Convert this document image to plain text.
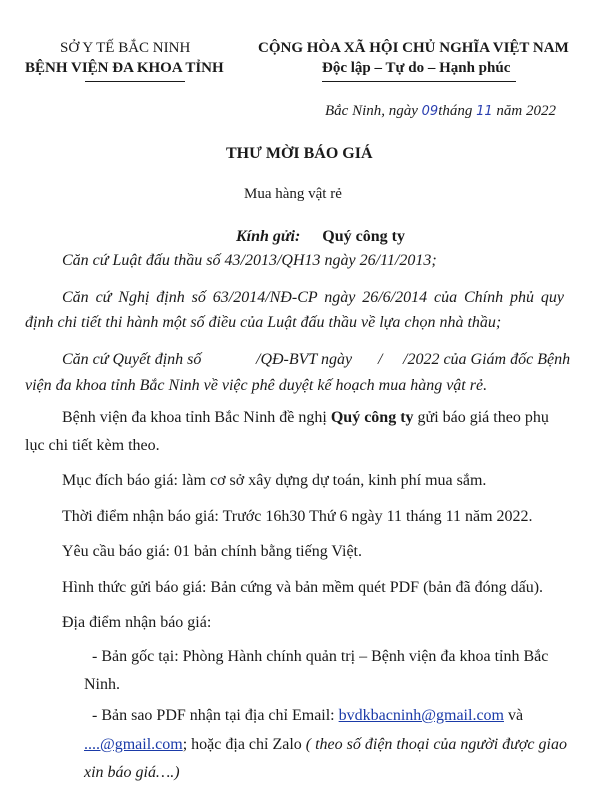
SỞ Y TẾ BẮC NINH
BỆNH VIỆN ĐA KHOA TỈNH
CỘNG HÒA XÃ HỘI CHỦ NGHĨA VIỆT NAM
Độc lập – Tự do – Hạnh phúc
Bắc Ninh, ngày 09tháng 11 năm 2022
THƯ MỜI BÁO GIÁ
Mua hàng vật rẻ
Kính gửi: Quý công ty
Căn cứ Luật đấu thầu số 43/2013/QH13 ngày 26/11/2013;
Căn cứ Nghị định số 63/2014/NĐ-CP ngày 26/6/2014 của Chính phủ quy
định chi tiết thi hành một số điều của Luật đấu thầu về lựa chọn nhà thầu;
Căn cứ Quyết định số	/QĐ-BVT ngày / /2022 của Giám đốc Bệnh
viện đa khoa tỉnh Bắc Ninh về việc phê duyệt kế hoạch mua hàng vật rẻ.
Bệnh viện đa khoa tỉnh Bắc Ninh đề nghị Quý công ty gửi báo giá theo phụ
lục chi tiết kèm theo.
Mục đích báo giá: làm cơ sở xây dựng dự toán, kinh phí mua sắm.
Thời điểm nhận báo giá: Trước 16h30 Thứ 6 ngày 11 tháng 11 năm 2022.
Yêu cầu báo giá: 01 bản chính bằng tiếng Việt.
Hình thức gửi báo giá: Bản cứng và bản mềm quét PDF (bản đã đóng dấu).
Địa điểm nhận báo giá:
- Bản gốc tại: Phòng Hành chính quản trị – Bệnh viện đa khoa tỉnh Bắc
Ninh.
- Bản sao PDF nhận tại địa chỉ Email: bvdkbacninh@gmail.com và
....@gmail.com; hoặc địa chỉ Zalo ( theo số điện thoại của người được giao
xin báo giá….)
